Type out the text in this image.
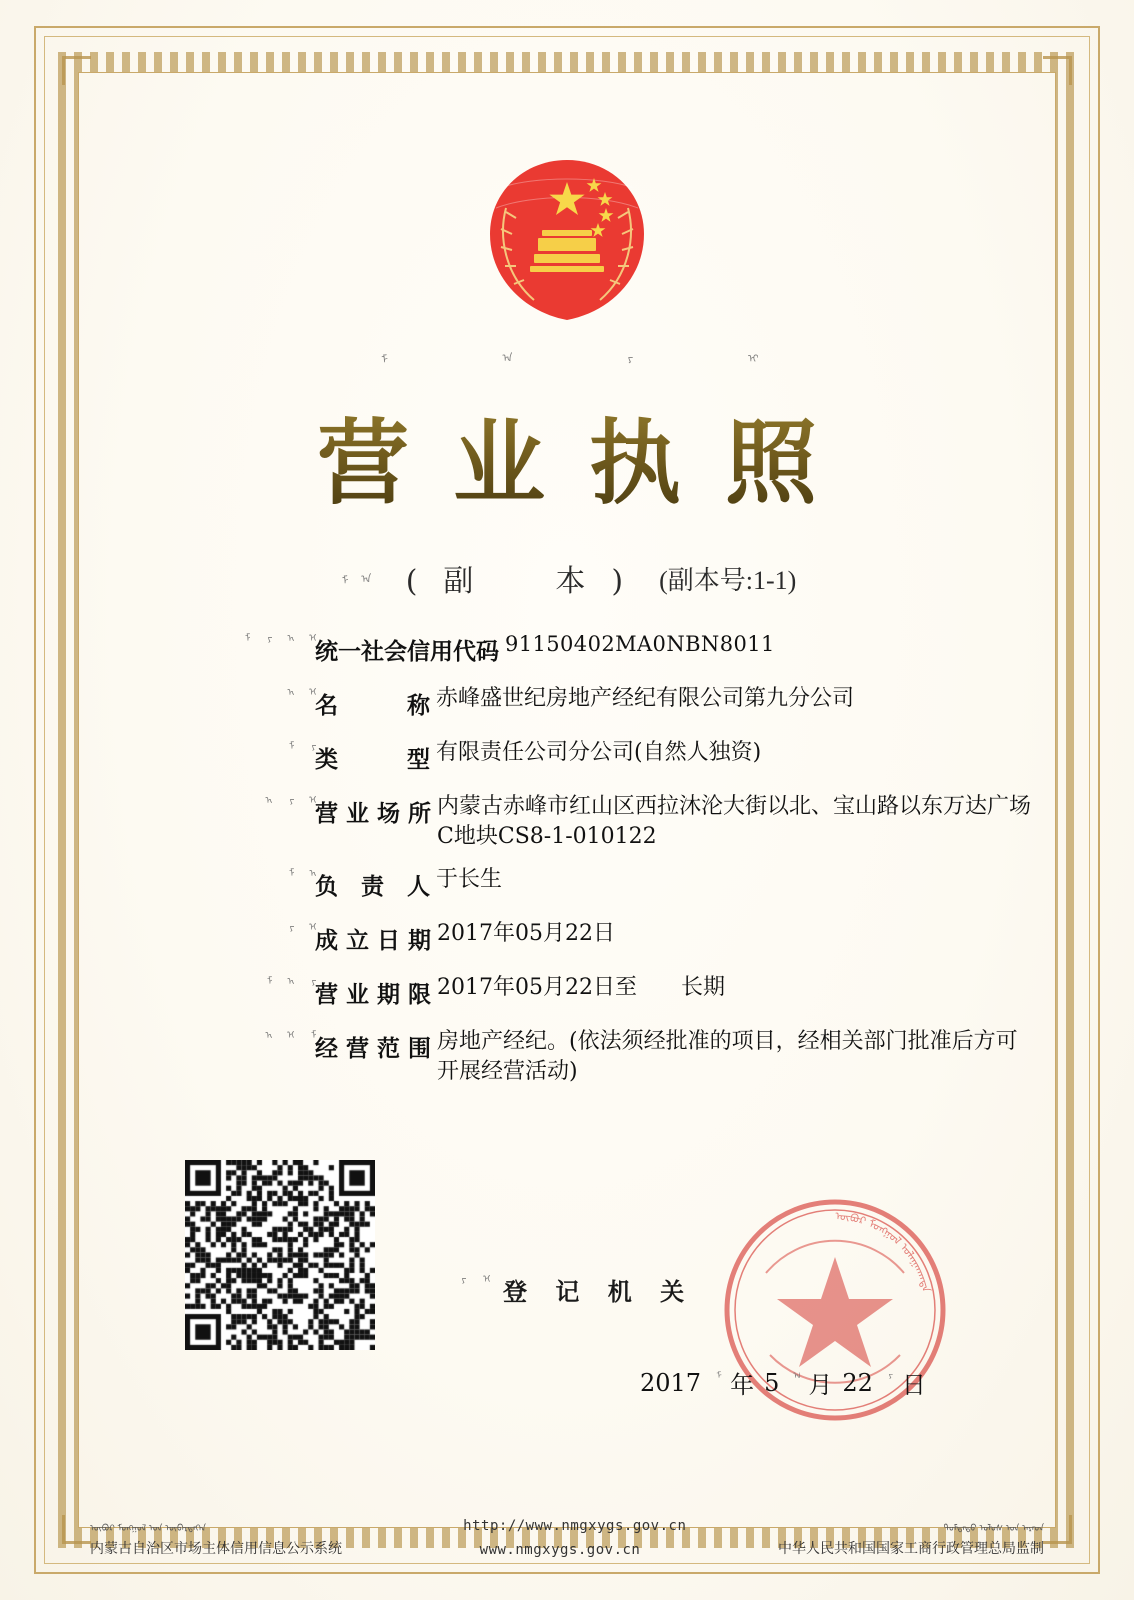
ᠮ	ᠠ	ᠶ	ᠢ
营业执照
ᠮ ᠠ	(副　本) (副本号:1-1)
ᠮ ᠶ ᠠ ᠢ
统一社会信用代码 91150402MA0NBN8011
ᠠ ᠢ
名　　　称 赤峰盛世纪房地产经纪有限公司第九分公司
ᠮ ᠶ
类　　　型 有限责任公司分公司(自然人独资)
ᠠ ᠶ ᠢ
营 业 场 所 内蒙古赤峰市红山区西拉沐沦大街以北、宝山路以东万达广场C地块CS8-1-010122
ᠮ ᠠ
负　责　人 于长生
ᠶ ᠢ
成 立 日 期 2017年05月22日
ᠮ ᠠ ᠶ
营 业 期 限 2017年05月22日至　　长期
ᠠ ᠢ ᠮ
经 营 范 围 房地产经纪。(依法须经批准的项目，经相关部门批准后方可开展经营活动)
ᠶ ᠢ 登 记 机 关
ᠥᠪᠥᠷ ᠮᠣᠩᠭᠣᠯ ᠤᠯᠠᠭᠠᠨᠬᠠᠳᠠ
2017 ᠮ 年 5 ᠠ 月 22 ᠶ 日
ᠥᠪᠥᠷ ᠮᠣᠩᠭᠣᠯ ᠤᠨ ᠥᠪᠡᠷᠲᠡᠭᠡᠨ	http://www.nmgxygs.gov.cn	ᠳᠤᠮᠳᠠᠳᠤ ᠤᠯᠤᠰ ᠤᠨ ᠠᠷᠠᠳ
内蒙古自治区市场主体信用信息公示系统	www.nmgxygs.gov.cn	中华人民共和国国家工商行政管理总局监制
